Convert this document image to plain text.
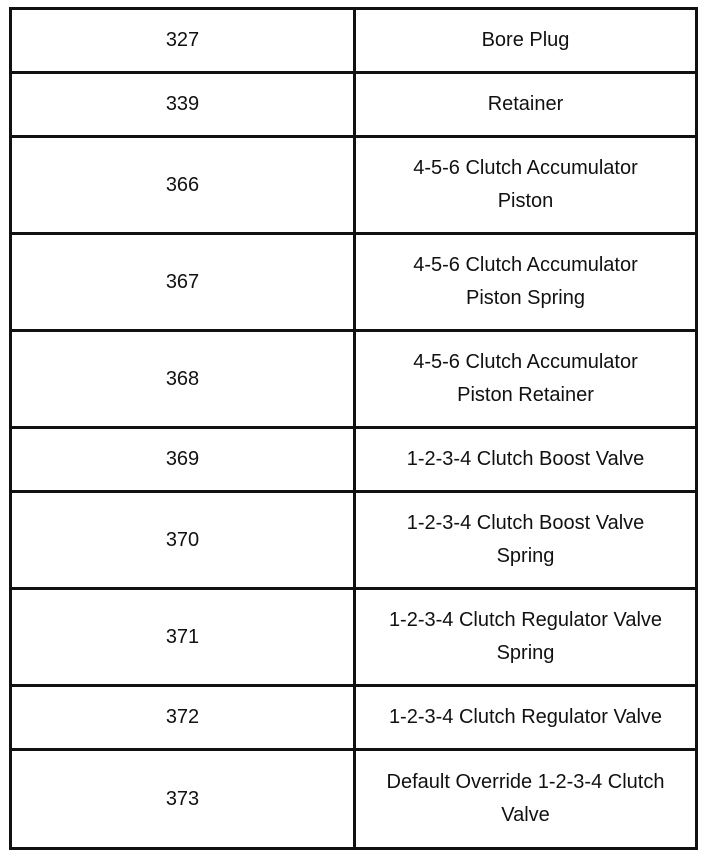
327	Bore Plug
339	Retainer
366	4-5-6 Clutch Accumulator Piston
367	4-5-6 Clutch Accumulator Piston Spring
368	4-5-6 Clutch Accumulator Piston Retainer
369	1-2-3-4 Clutch Boost Valve
370	1-2-3-4 Clutch Boost Valve Spring
371	1-2-3-4 Clutch Regulator Valve Spring
372	1-2-3-4 Clutch Regulator Valve
373	Default Override 1-2-3-4 Clutch Valve
